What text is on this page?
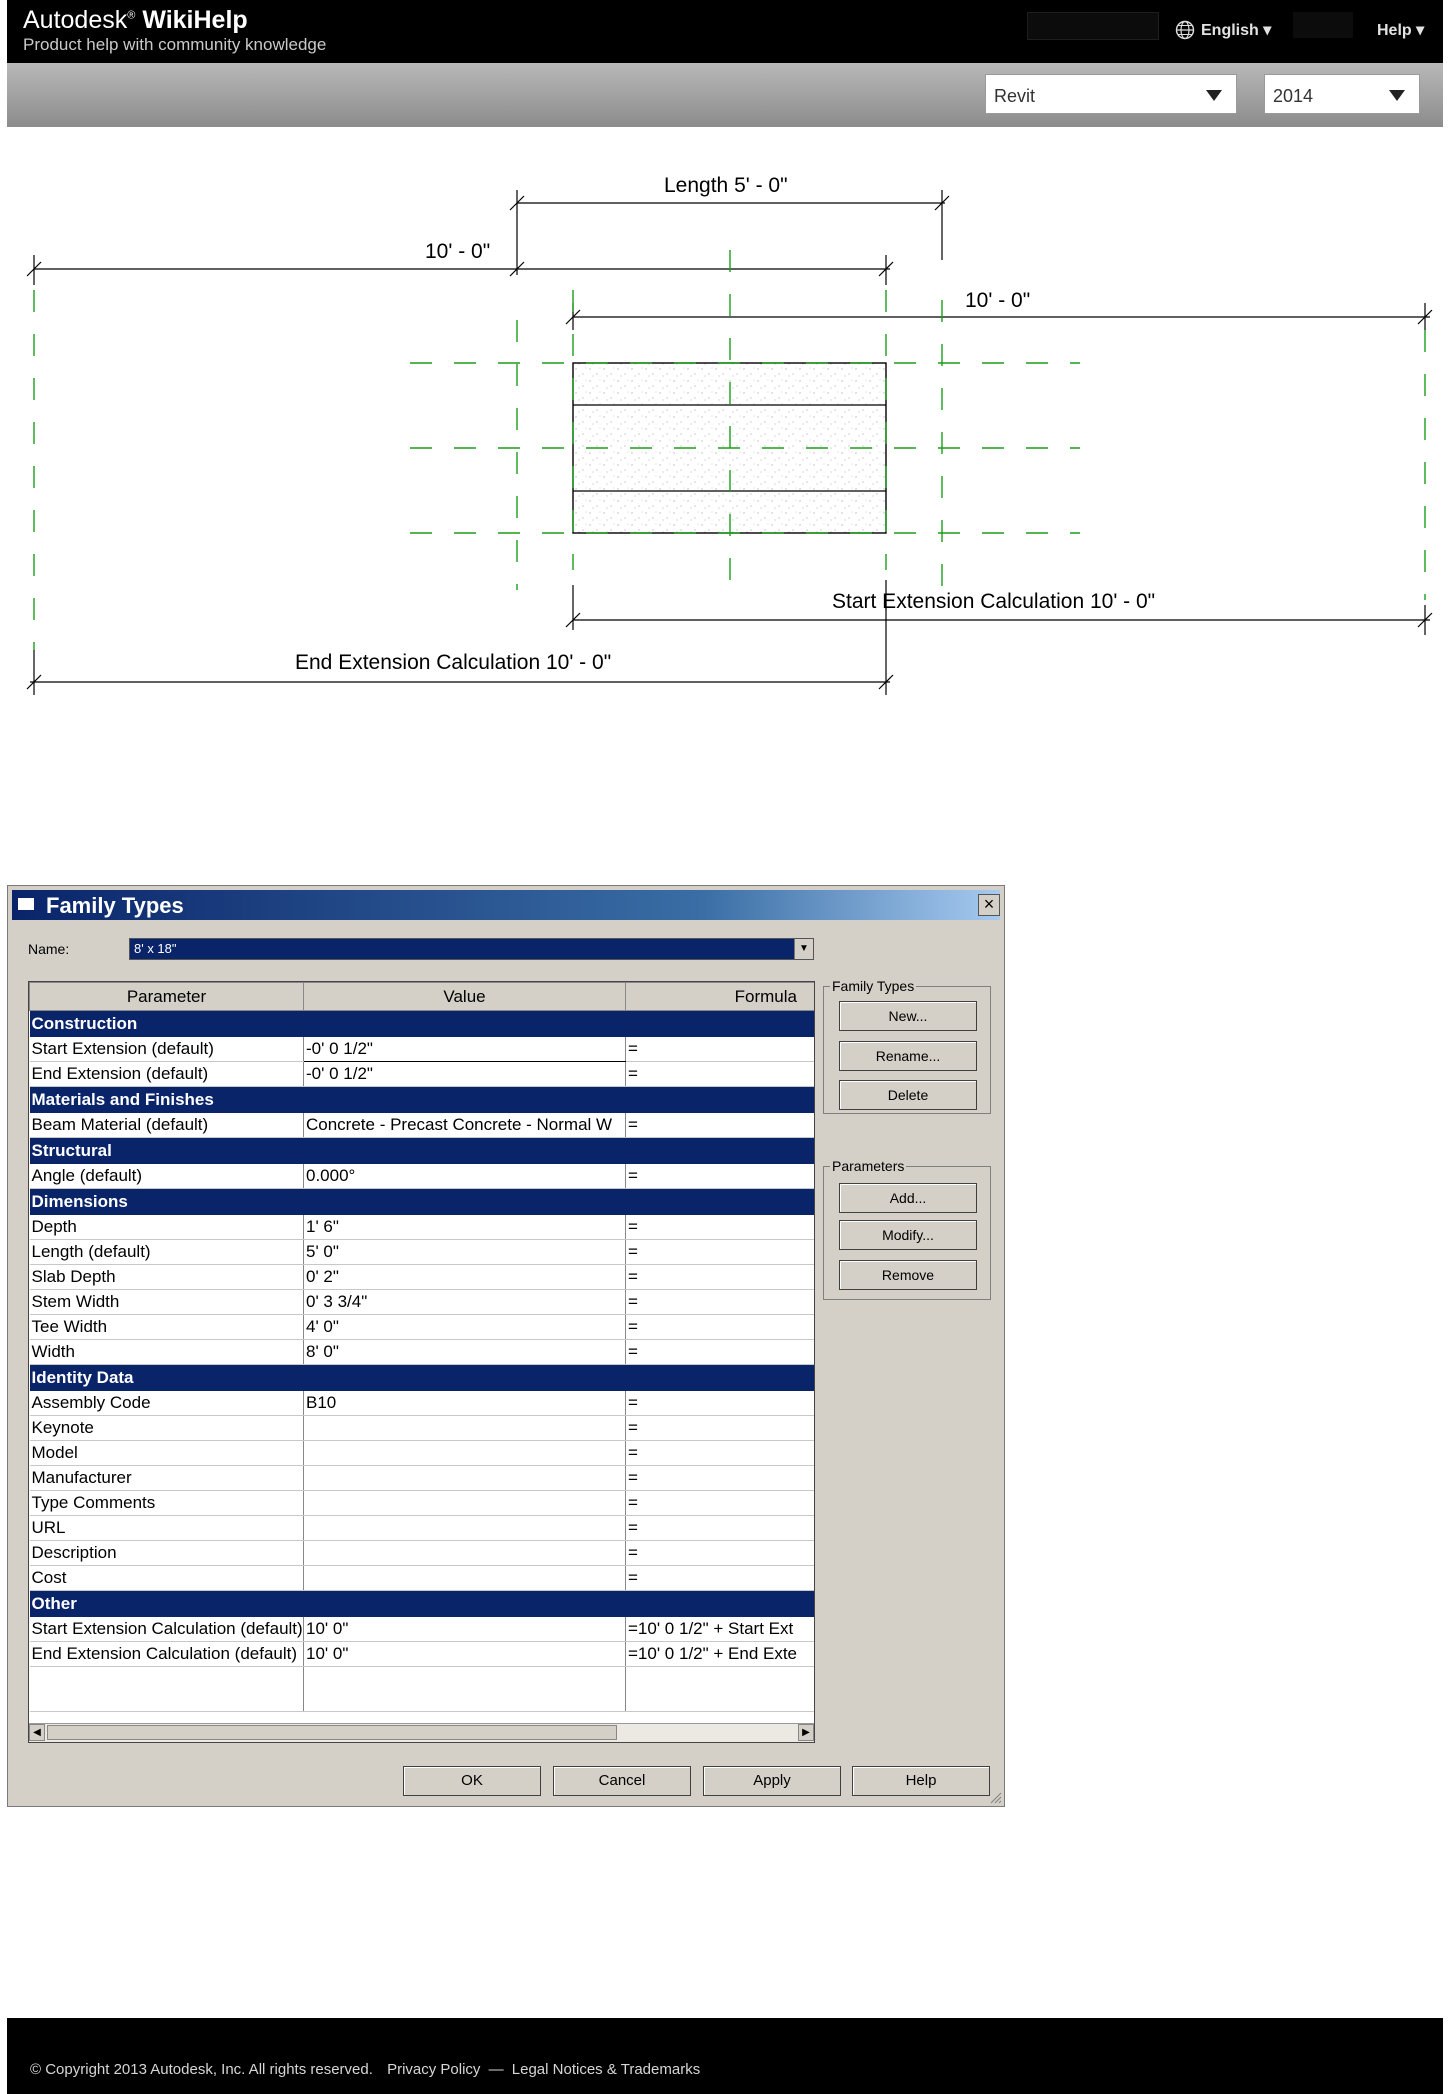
Autodesk® WikiHelp
Product help with community knowledge
English ▾	Help ▾
Revit	2014
Length 5' - 0"
10' - 0"
10' - 0"
Start Extension Calculation 10' - 0"
End Extension Calculation 10' - 0"
Family Types	×
Name:	8' x 18"	▼
Parameter	Value	Formula
Construction		
Start Extension (default)	-0' 0 1/2"	=
End Extension (default)	-0' 0 1/2"	=
Materials and Finishes		
Beam Material (default)	Concrete - Precast Concrete - Normal W	=
Structural		
Angle (default)	0.000°	=
Dimensions		
Depth	1' 6"	=
Length (default)	5' 0"	=
Slab Depth	0' 2"	=
Stem Width	0' 3 3/4"	=
Tee Width	4' 0"	=
Width	8' 0"	=
Identity Data		
Assembly Code	B10	=
Keynote		=
Model		=
Manufacturer		=
Type Comments		=
URL		=
Description		=
Cost		=
Other		
Start Extension Calculation (default)	10' 0"	=10' 0 1/2" + Start Ext
End Extension Calculation (default)	10' 0"	=10' 0 1/2" + End Exte

◀	▶
Family Types
New...
Rename...
Delete
Parameters
Add...
Modify...
Remove
OK	Cancel	Apply	Help
© Copyright 2013 Autodesk, Inc. All rights reserved. Privacy Policy — Legal Notices & Trademarks
